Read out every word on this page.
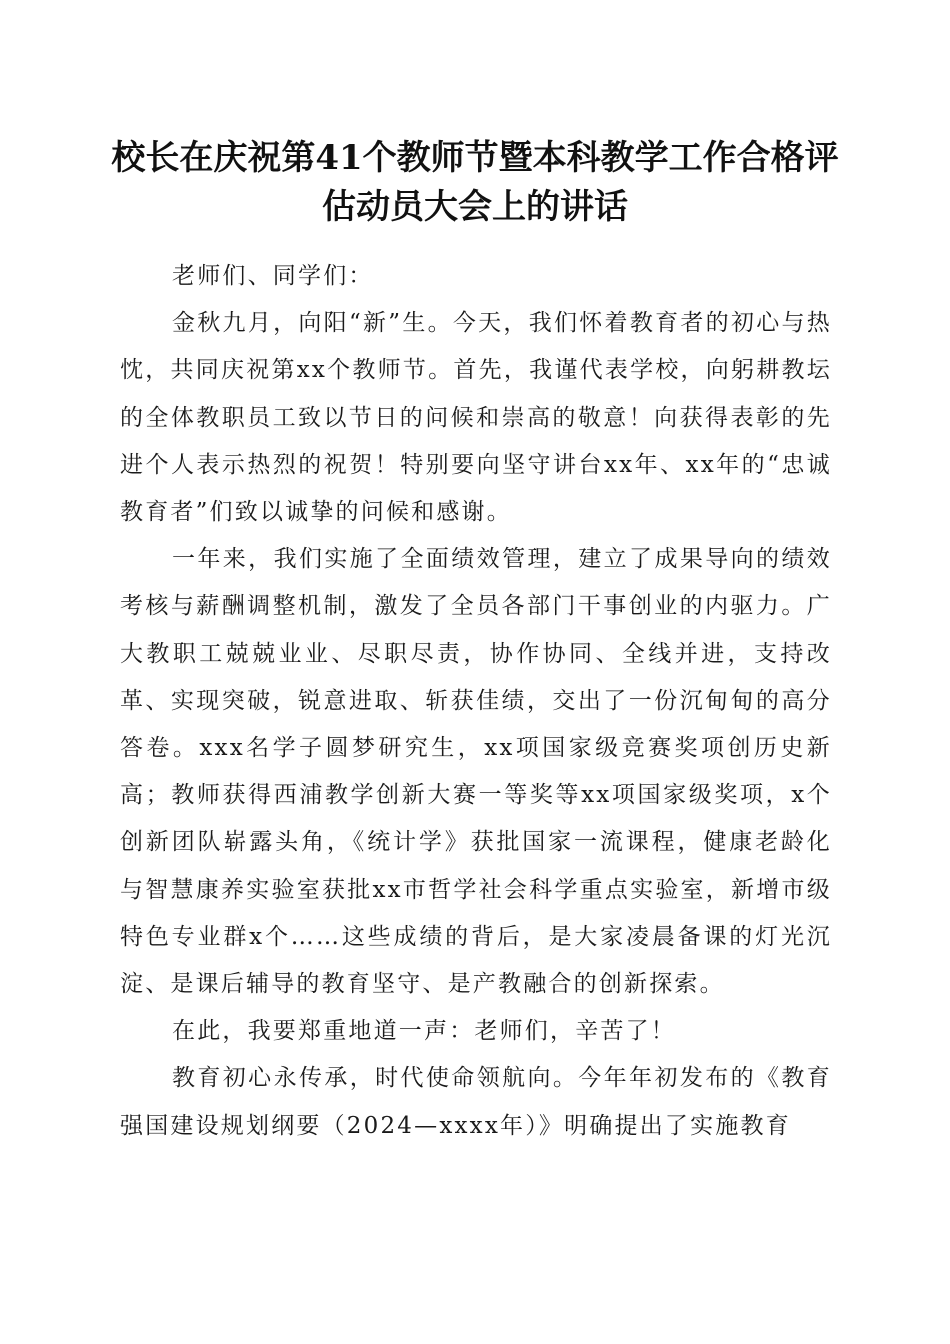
校长在庆祝第41个教师节暨本科教学工作合格评估动员大会上的讲话

老师们、同学们：

金秋九月，向阳“新”生。今天，我们怀着教育者的初心与热忱，共同庆祝第xx个教师节。首先，我谨代表学校，向躬耕教坛的全体教职员工致以节日的问候和崇高的敬意！向获得表彰的先进个人表示热烈的祝贺！特别要向坚守讲台xx年、xx年的“忠诚教育者”们致以诚挚的问候和感谢。

一年来，我们实施了全面绩效管理，建立了成果导向的绩效考核与薪酬调整机制，激发了全员各部门干事创业的内驱力。广大教职工兢兢业业、尽职尽责，协作协同、全线并进，支持改革、实现突破，锐意进取、斩获佳绩，交出了一份沉甸甸的高分答卷。xxx名学子圆梦研究生，xx项国家级竞赛奖项创历史新高；教师获得西浦教学创新大赛一等奖等xx项国家级奖项，x个创新团队崭露头角，《统计学》获批国家一流课程，健康老龄化与智慧康养实验室获批xx市哲学社会科学重点实验室，新增市级特色专业群x个……这些成绩的背后，是大家凌晨备课的灯光沉淀、是课后辅导的教育坚守、是产教融合的创新探索。

在此，我要郑重地道一声：老师们，辛苦了！

教育初心永传承，时代使命领航向。今年年初发布的《教育强国建设规划纲要（2024—xxxx年）》明确提出了实施教育
